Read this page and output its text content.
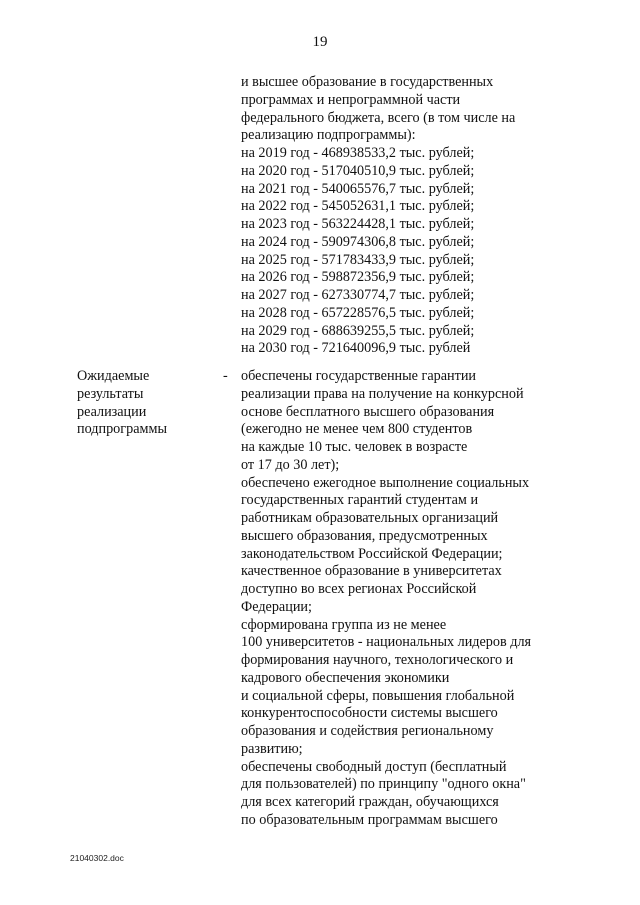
19
и высшее образование в государственных
программах и непрограммной части
федерального бюджета, всего (в том числе на
реализацию подпрограммы):
на 2019 год - 468938533,2 тыс. рублей;
на 2020 год - 517040510,9 тыс. рублей;
на 2021 год - 540065576,7 тыс. рублей;
на 2022 год - 545052631,1 тыс. рублей;
на 2023 год - 563224428,1 тыс. рублей;
на 2024 год - 590974306,8 тыс. рублей;
на 2025 год - 571783433,9 тыс. рублей;
на 2026 год - 598872356,9 тыс. рублей;
на 2027 год - 627330774,7 тыс. рублей;
на 2028 год - 657228576,5 тыс. рублей;
на 2029 год - 688639255,5 тыс. рублей;
на 2030 год - 721640096,9 тыс. рублей
Ожидаемые
результаты
реализации
подпрограммы
- обеспечены государственные гарантии
реализации права на получение на конкурсной
основе бесплатного высшего образования
(ежегодно не менее чем 800 студентов
на каждые 10 тыс. человек в возрасте
от 17 до 30 лет);
обеспечено ежегодное выполнение социальных
государственных гарантий студентам и
работникам образовательных организаций
высшего образования, предусмотренных
законодательством Российской Федерации;
качественное образование в университетах
доступно во всех регионах Российской
Федерации;
сформирована группа из не менее
100 университетов - национальных лидеров для
формирования научного, технологического и
кадрового обеспечения экономики
и социальной сферы, повышения глобальной
конкурентоспособности системы высшего
образования и содействия региональному
развитию;
обеспечены свободный доступ (бесплатный
для пользователей) по принципу "одного окна"
для всех категорий граждан, обучающихся
по образовательным программам высшего
21040302.doc
